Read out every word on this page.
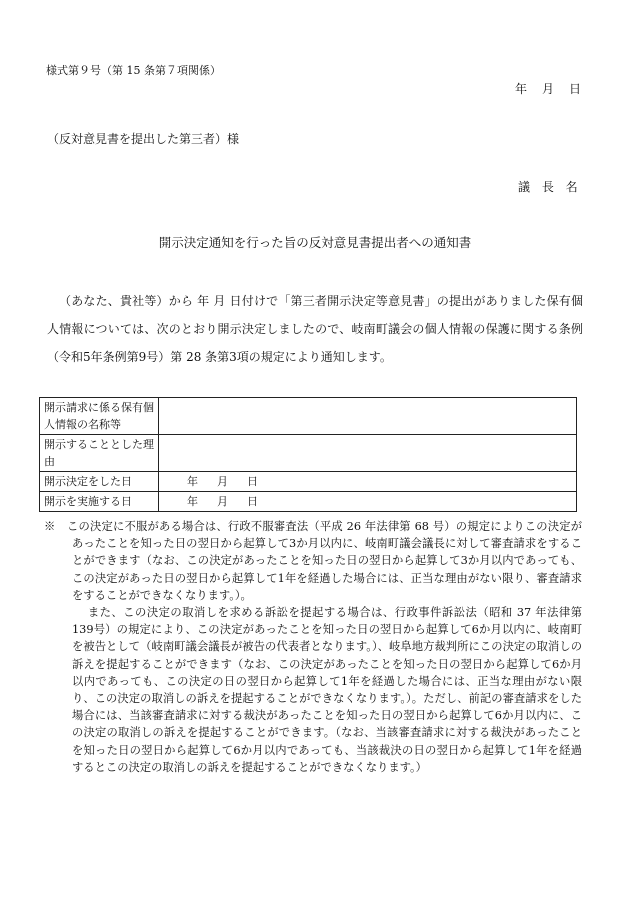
様式第９号（第 15 条第７項関係）
年 月 日
（反対意見書を提出した第三者）様
議 長 名
開示決定通知を行った旨の反対意見書提出者への通知書
（あなた、貴社等）から 年 月 日付けで「第三者開示決定等意見書」の提出がありました保有個人情報については、次のとおり開示決定しましたので、岐南町議会の個人情報の保護に関する条例（令和5年条例第9号）第 28 条第3項の規定により通知します。
開示請求に係る保有個人情報の名称等	
開示することとした理由	
開示決定をした日	年 月 日
開示を実施する日	年 月 日

※　この決定に不服がある場合は、行政不服審査法（平成 26 年法律第 68 号）の規定によりこの決定があったことを知った日の翌日から起算して3か月以内に、岐南町議会議長に対して審査請求をすることができます（なお、この決定があったことを知った日の翌日から起算して3か月以内であっても、この決定があった日の翌日から起算して1年を経過した場合には、正当な理由がない限り、審査請求をすることができなくなります。）。

また、この決定の取消しを求める訴訟を提起する場合は、行政事件訴訟法（昭和 37 年法律第139号）の規定により、この決定があったことを知った日の翌日から起算して6か月以内に、岐南町を被告として（岐南町議会議長が被告の代表者となります。）、岐阜地方裁判所にこの決定の取消しの訴えを提起することができます（なお、この決定があったことを知った日の翌日から起算して6か月以内であっても、この決定の日の翌日から起算して1年を経過した場合には、正当な理由がない限り、この決定の取消しの訴えを提起することができなくなります。）。ただし、前記の審査請求をした場合には、当該審査請求に対する裁決があったことを知った日の翌日から起算して6か月以内に、この決定の取消しの訴えを提起することができます。（なお、当該審査請求に対する裁決があったことを知った日の翌日から起算して6か月以内であっても、当該裁決の日の翌日から起算して1年を経過するとこの決定の取消しの訴えを提起することができなくなります。）
